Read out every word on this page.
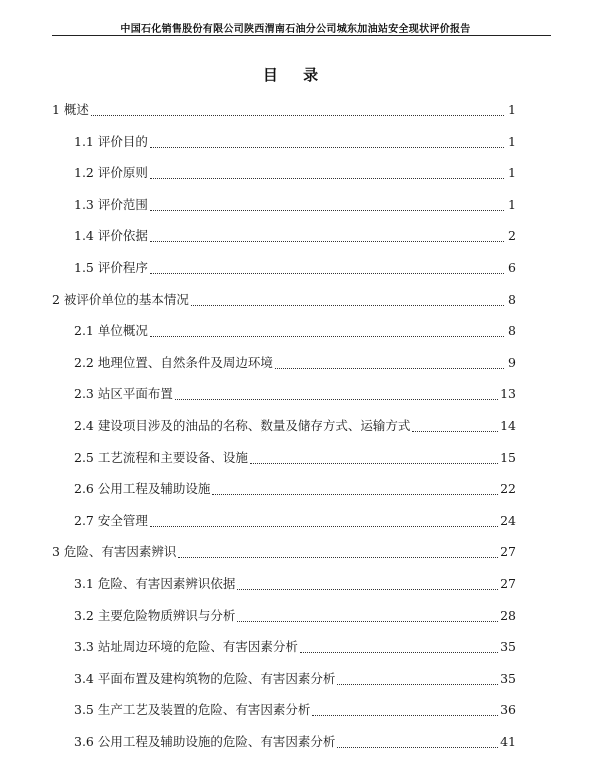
中国石化销售股份有限公司陕西渭南石油分公司城东加油站安全现状评价报告
目 录
1 概述	1
1.1 评价目的	1
1.2 评价原则	1
1.3 评价范围	1
1.4 评价依据	2
1.5 评价程序	6
2 被评价单位的基本情况	8
2.1 单位概况	8
2.2 地理位置、自然条件及周边环境	9
2.3 站区平面布置	13
2.4 建设项目涉及的油品的名称、数量及储存方式、运输方式	14
2.5 工艺流程和主要设备、设施	15
2.6 公用工程及辅助设施	22
2.7 安全管理	24
3 危险、有害因素辨识	27
3.1 危险、有害因素辨识依据	27
3.2 主要危险物质辨识与分析	28
3.3 站址周边环境的危险、有害因素分析	35
3.4 平面布置及建构筑物的危险、有害因素分析	35
3.5 生产工艺及装置的危险、有害因素分析	36
3.6 公用工程及辅助设施的危险、有害因素分析	41
